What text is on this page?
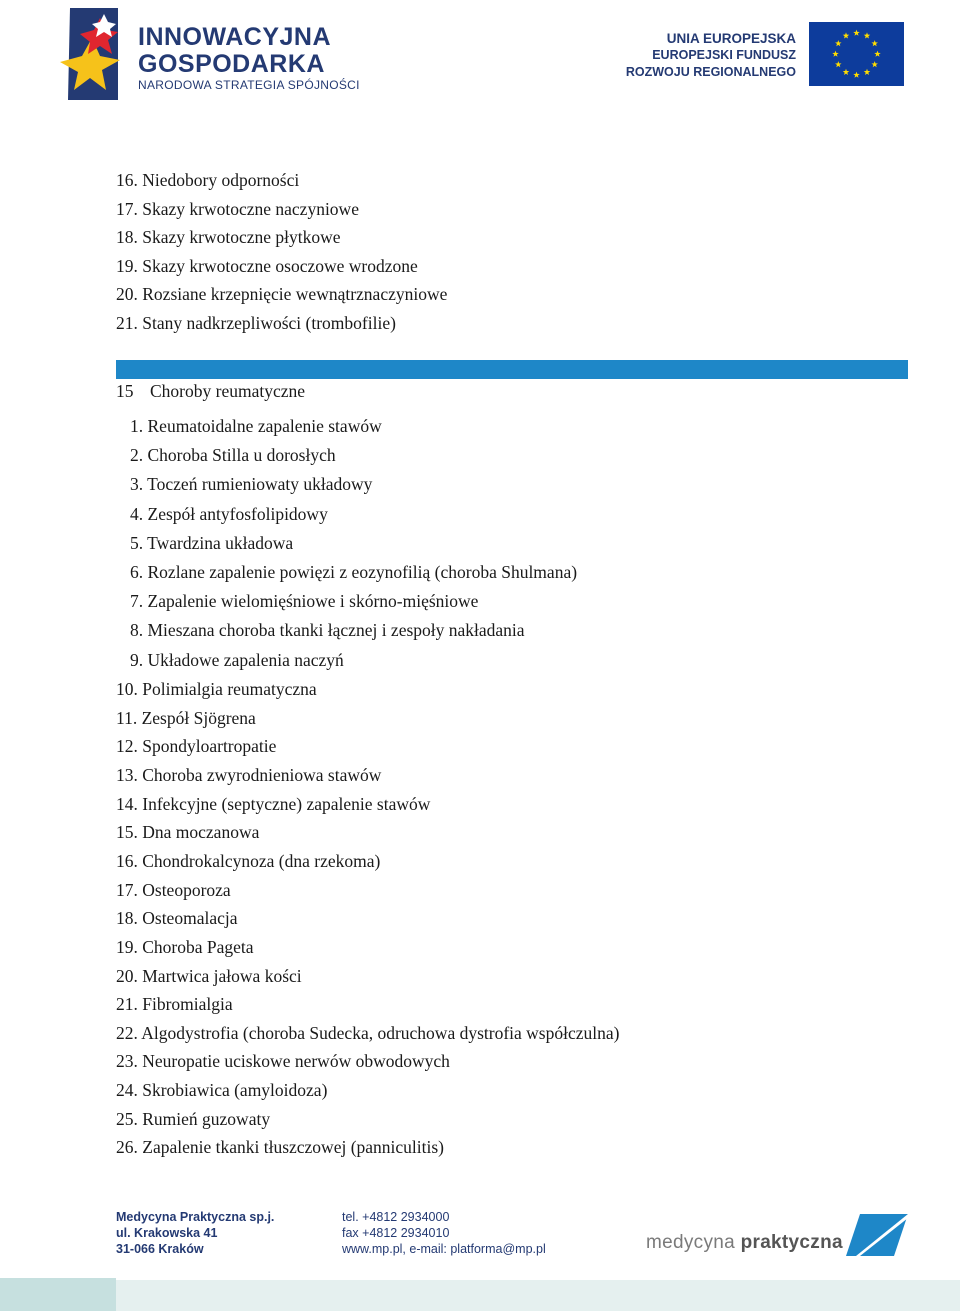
INNOWACYJNA
GOSPODARKA
NARODOWA STRATEGIA SPÓJNOŚCI
UNIA EUROPEJSKA
EUROPEJSKI FUNDUSZ
ROZWOJU REGIONALNEGO
16. Niedobory odporności
17. Skazy krwotoczne naczyniowe
18. Skazy krwotoczne płytkowe
19. Skazy krwotoczne osoczowe wrodzone
20. Rozsiane krzepnięcie wewnątrznaczyniowe
21. Stany nadkrzepliwości (trombofilie)
15 Choroby reumatyczne
1. Reumatoidalne zapalenie stawów
2. Choroba Stilla u dorosłych
3. Toczeń rumieniowaty układowy
4. Zespół antyfosfolipidowy
5. Twardzina układowa
6. Rozlane zapalenie powięzi z eozynofilią (choroba Shulmana)
7. Zapalenie wielomięśniowe i skórno-mięśniowe
8. Mieszana choroba tkanki łącznej i zespoły nakładania
9. Układowe zapalenia naczyń
10. Polimialgia reumatyczna
11. Zespół Sjögrena
12. Spondyloartropatie
13. Choroba zwyrodnieniowa stawów
14. Infekcyjne (septyczne) zapalenie stawów
15. Dna moczanowa
16. Chondrokalcynoza (dna rzekoma)
17. Osteoporoza
18. Osteomalacja
19. Choroba Pageta
20. Martwica jałowa kości
21. Fibromialgia
22. Algodystrofia (choroba Sudecka, odruchowa dystrofia współczulna)
23. Neuropatie uciskowe nerwów obwodowych
24. Skrobiawica (amyloidoza)
25. Rumień guzowaty
26. Zapalenie tkanki tłuszczowej (panniculitis)
Medycyna Praktyczna sp.j.
ul. Krakowska 41
31-066 Kraków
tel. +4812 2934000
fax +4812 2934010
www.mp.pl, e-mail: platforma@mp.pl	medycyna praktyczna
